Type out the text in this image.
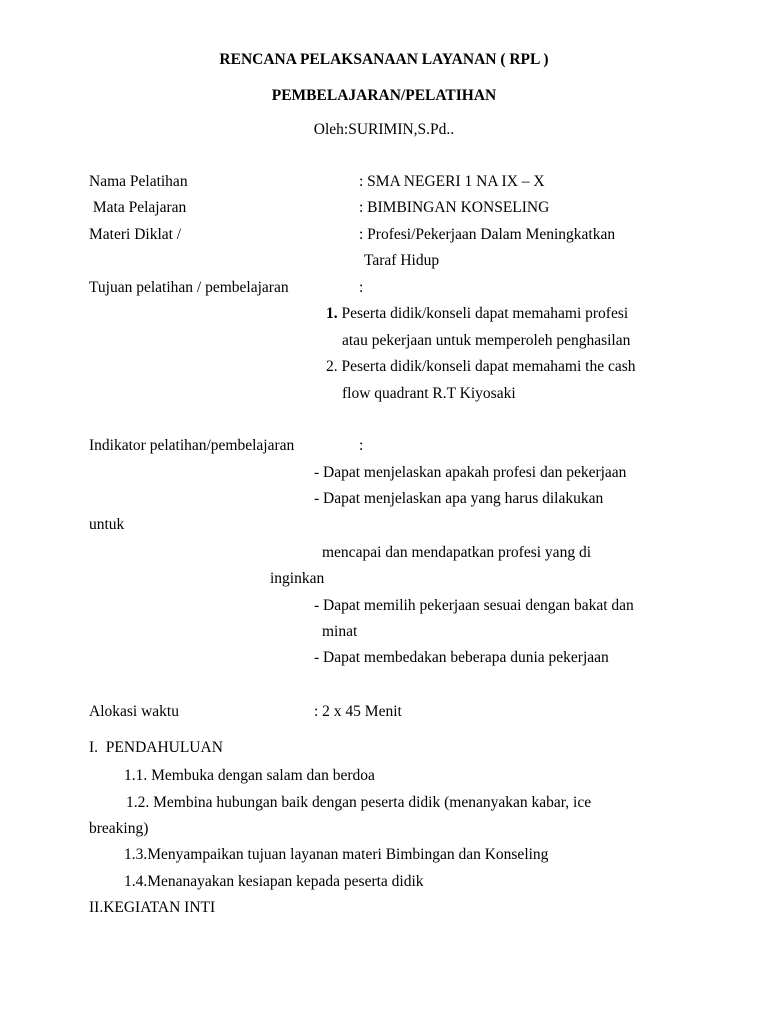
RENCANA PELAKSANAAN LAYANAN ( RPL )
PEMBELAJARAN/PELATIHAN
Oleh:SURIMIN,S.Pd..
Nama Pelatihan	: SMA NEGERI 1 NA IX – X
Mata Pelajaran	: BIMBINGAN KONSELING
Materi Diklat /	: Profesi/Pekerjaan Dalam Meningkatkan
Taraf Hidup
Tujuan pelatihan / pembelajaran	:
1. Peserta didik/konseli dapat memahami profesi
atau pekerjaan untuk memperoleh penghasilan
2. Peserta didik/konseli dapat memahami the cash
flow quadrant R.T Kiyosaki
Indikator pelatihan/pembelajaran	:
- Dapat menjelaskan apakah profesi dan pekerjaan
- Dapat menjelaskan apa yang harus dilakukan
untuk
mencapai dan mendapatkan profesi yang di
inginkan
- Dapat memilih pekerjaan sesuai dengan bakat dan
minat
- Dapat membedakan beberapa dunia pekerjaan
Alokasi waktu	: 2 x 45 Menit
I.  PENDAHULUAN
1.1. Membuka dengan salam dan berdoa
1.2. Membina hubungan baik dengan peserta didik (menanyakan kabar, ice
breaking)
1.3.Menyampaikan tujuan layanan materi Bimbingan dan Konseling
1.4.Menanayakan kesiapan kepada peserta didik
II.KEGIATAN INTI
